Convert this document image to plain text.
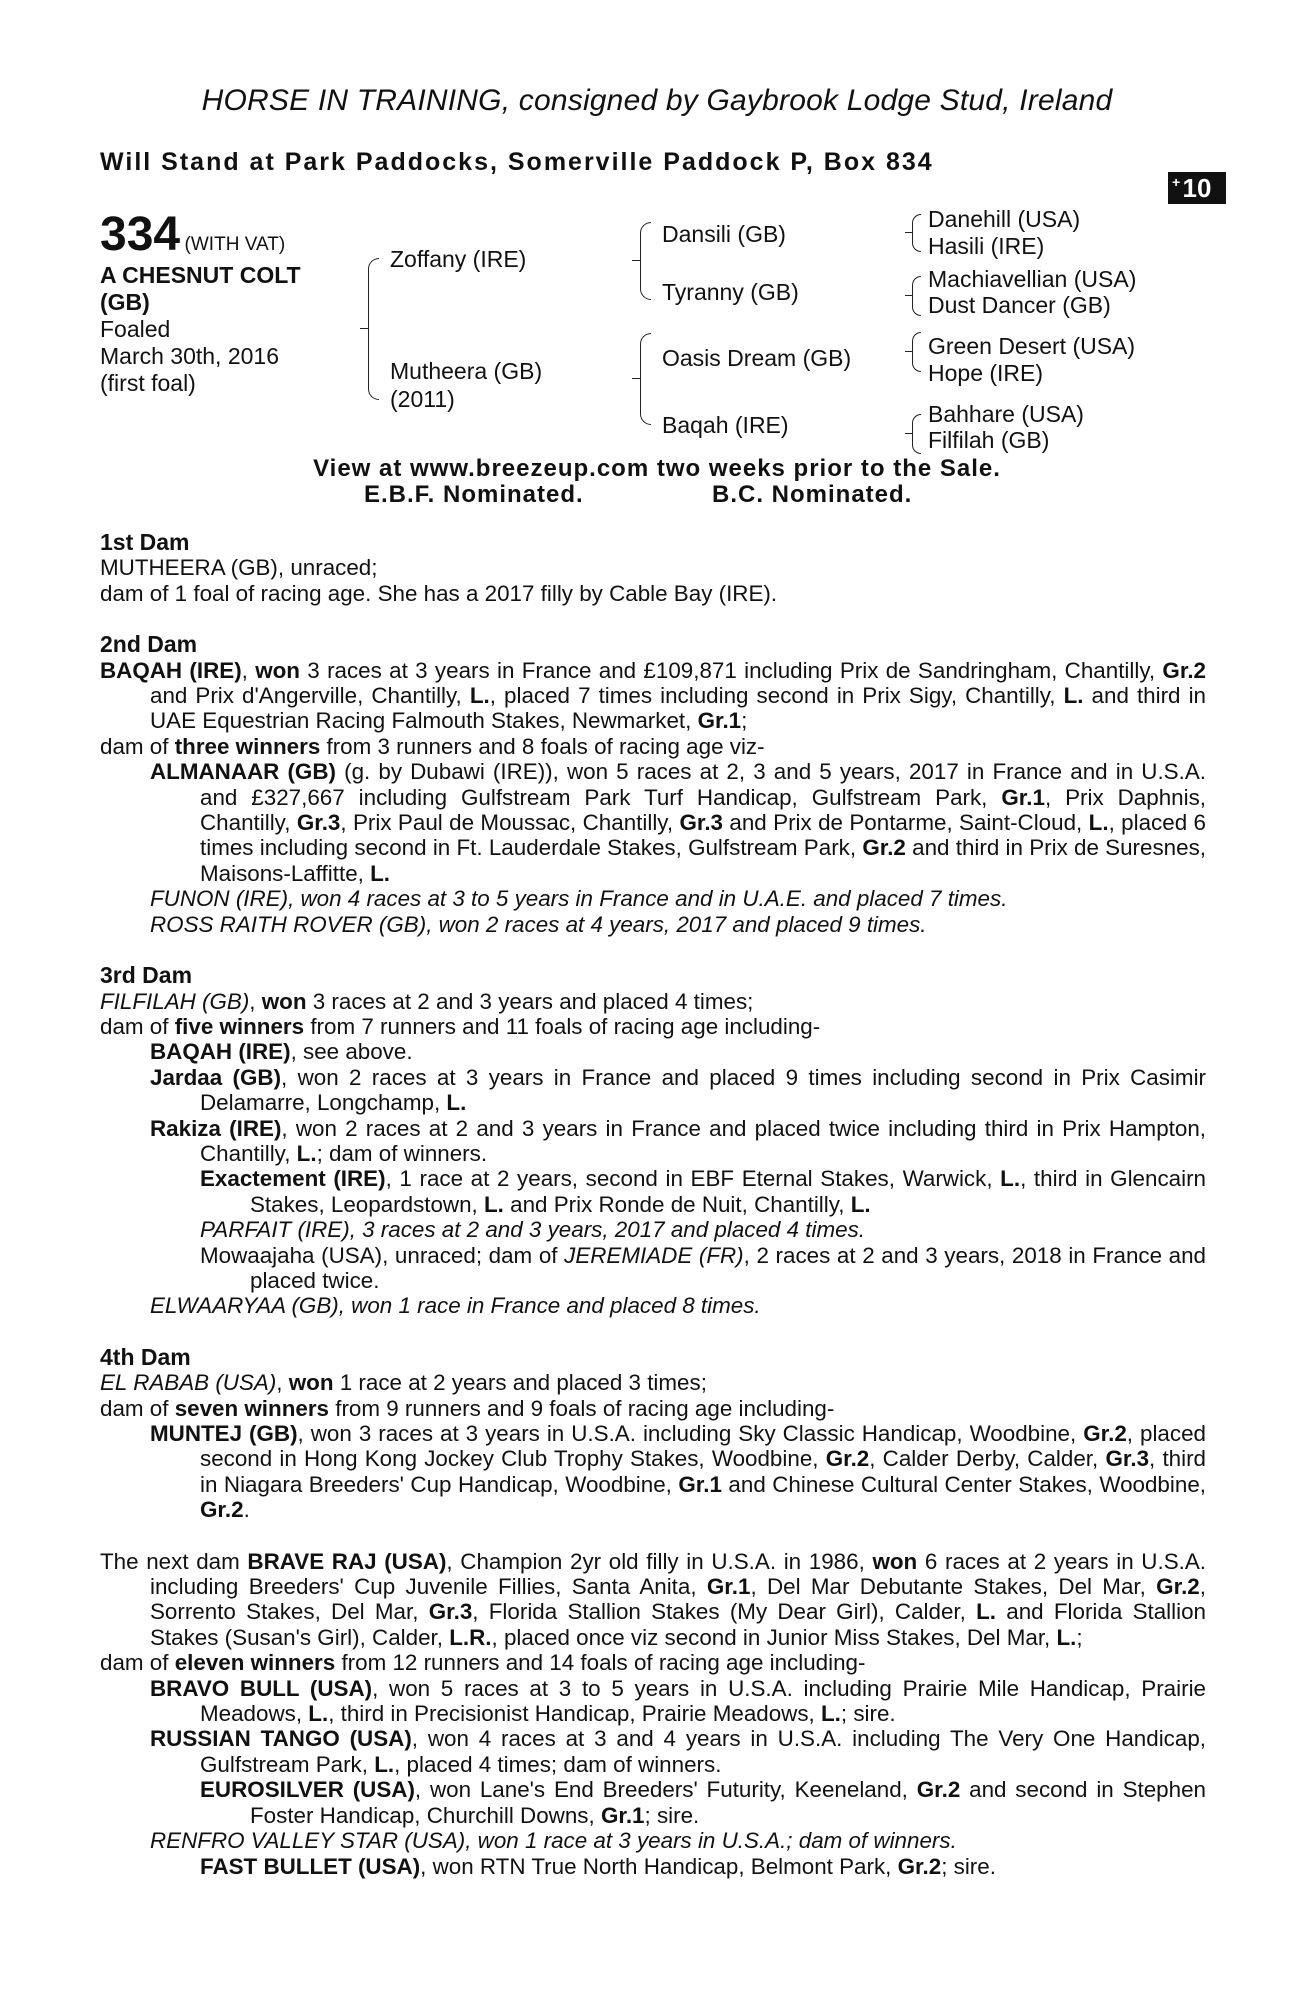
HORSE IN TRAINING, consigned by Gaybrook Lodge Stud, Ireland
Will Stand at Park Paddocks, Somerville Paddock P, Box 834
+ 10
334 (WITH VAT)
A CHESNUT COLT
(GB)
Foaled
March 30th, 2016
(first foal)
Zoffany (IRE)
Mutheera (GB)
(2011)
Dansili (GB)
Tyranny (GB)
Oasis Dream (GB)
Baqah (IRE)
Danehill (USA)
Hasili (IRE)
Machiavellian (USA)
Dust Dancer (GB)
Green Desert (USA)
Hope (IRE)
Bahhare (USA)
Filfilah (GB)
View at www.breezeup.com two weeks prior to the Sale.
E.B.F. Nominated.	B.C. Nominated.
1st Dam

MUTHEERA (GB), unraced;

dam of 1 foal of racing age. She has a 2017 filly by Cable Bay (IRE).

2nd Dam

BAQAH (IRE), won 3 races at 3 years in France and £109,871 including Prix de Sandringham, Chantilly, Gr.2 and Prix d'Angerville, Chantilly, L., placed 7 times including second in Prix Sigy, Chantilly, L. and third in UAE Equestrian Racing Falmouth Stakes, Newmarket, Gr.1;

dam of three winners from 3 runners and 8 foals of racing age viz-

ALMANAAR (GB) (g. by Dubawi (IRE)), won 5 races at 2, 3 and 5 years, 2017 in France and in U.S.A. and £327,667 including Gulfstream Park Turf Handicap, Gulfstream Park, Gr.1, Prix Daphnis, Chantilly, Gr.3, Prix Paul de Moussac, Chantilly, Gr.3 and Prix de Pontarme, Saint-Cloud, L., placed 6 times including second in Ft. Lauderdale Stakes, Gulfstream Park, Gr.2 and third in Prix de Suresnes, Maisons-Laffitte, L.

FUNON (IRE), won 4 races at 3 to 5 years in France and in U.A.E. and placed 7 times.

ROSS RAITH ROVER (GB), won 2 races at 4 years, 2017 and placed 9 times.

3rd Dam

FILFILAH (GB), won 3 races at 2 and 3 years and placed 4 times;

dam of five winners from 7 runners and 11 foals of racing age including-

BAQAH (IRE), see above.

Jardaa (GB), won 2 races at 3 years in France and placed 9 times including second in Prix Casimir Delamarre, Longchamp, L.

Rakiza (IRE), won 2 races at 2 and 3 years in France and placed twice including third in Prix Hampton, Chantilly, L.; dam of winners.

Exactement (IRE), 1 race at 2 years, second in EBF Eternal Stakes, Warwick, L., third in Glencairn Stakes, Leopardstown, L. and Prix Ronde de Nuit, Chantilly, L.

PARFAIT (IRE), 3 races at 2 and 3 years, 2017 and placed 4 times.

Mowaajaha (USA), unraced; dam of JEREMIADE (FR), 2 races at 2 and 3 years, 2018 in France and placed twice.

ELWAARYAA (GB), won 1 race in France and placed 8 times.

4th Dam

EL RABAB (USA), won 1 race at 2 years and placed 3 times;

dam of seven winners from 9 runners and 9 foals of racing age including-

MUNTEJ (GB), won 3 races at 3 years in U.S.A. including Sky Classic Handicap, Woodbine, Gr.2, placed second in Hong Kong Jockey Club Trophy Stakes, Woodbine, Gr.2, Calder Derby, Calder, Gr.3, third in Niagara Breeders' Cup Handicap, Woodbine, Gr.1 and Chinese Cultural Center Stakes, Woodbine, Gr.2.

The next dam BRAVE RAJ (USA), Champion 2yr old filly in U.S.A. in 1986, won 6 races at 2 years in U.S.A. including Breeders' Cup Juvenile Fillies, Santa Anita, Gr.1, Del Mar Debutante Stakes, Del Mar, Gr.2, Sorrento Stakes, Del Mar, Gr.3, Florida Stallion Stakes (My Dear Girl), Calder, L. and Florida Stallion Stakes (Susan's Girl), Calder, L.R., placed once viz second in Junior Miss Stakes, Del Mar, L.;

dam of eleven winners from 12 runners and 14 foals of racing age including-

BRAVO BULL (USA), won 5 races at 3 to 5 years in U.S.A. including Prairie Mile Handicap, Prairie Meadows, L., third in Precisionist Handicap, Prairie Meadows, L.; sire.

RUSSIAN TANGO (USA), won 4 races at 3 and 4 years in U.S.A. including The Very One Handicap, Gulfstream Park, L., placed 4 times; dam of winners.

EUROSILVER (USA), won Lane's End Breeders' Futurity, Keeneland, Gr.2 and second in Stephen Foster Handicap, Churchill Downs, Gr.1; sire.

RENFRO VALLEY STAR (USA), won 1 race at 3 years in U.S.A.; dam of winners.

FAST BULLET (USA), won RTN True North Handicap, Belmont Park, Gr.2; sire.
